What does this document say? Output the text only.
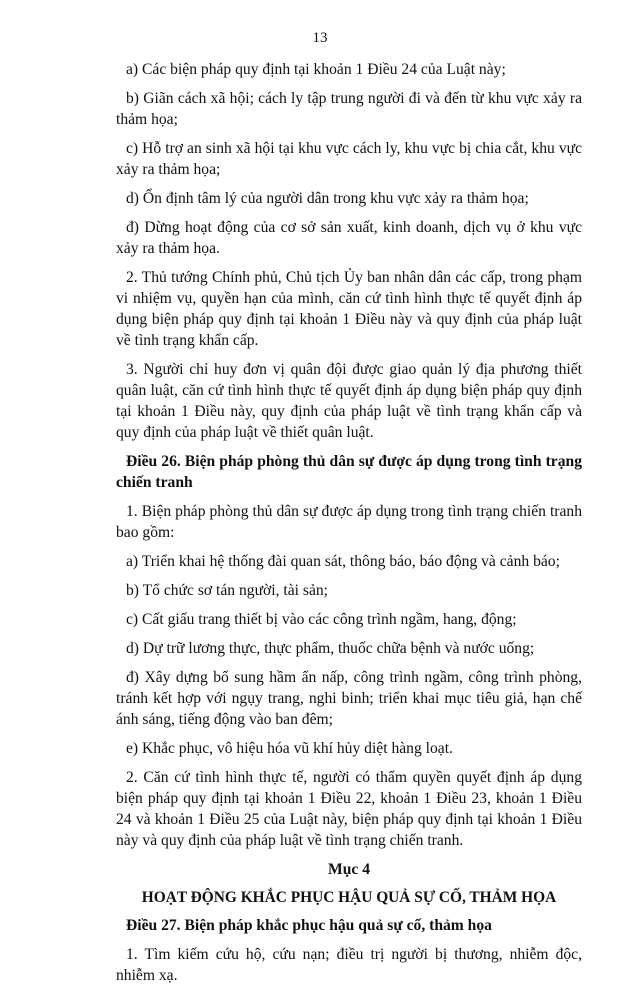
13

a) Các biện pháp quy định tại khoản 1 Điều 24 của Luật này;

b) Giãn cách xã hội; cách ly tập trung người đi và đến từ khu vực xảy ra thảm họa;

c) Hỗ trợ an sinh xã hội tại khu vực cách ly, khu vực bị chia cắt, khu vực xảy ra thảm họa;

d) Ổn định tâm lý của người dân trong khu vực xảy ra thảm họa;

đ) Dừng hoạt động của cơ sở sản xuất, kinh doanh, dịch vụ ở khu vực xảy ra thảm họa.

2. Thủ tướng Chính phủ, Chủ tịch Ủy ban nhân dân các cấp, trong phạm vi nhiệm vụ, quyền hạn của mình, căn cứ tình hình thực tế quyết định áp dụng biện pháp quy định tại khoản 1 Điều này và quy định của pháp luật về tình trạng khẩn cấp.

3. Người chỉ huy đơn vị quân đội được giao quản lý địa phương thiết quân luật, căn cứ tình hình thực tế quyết định áp dụng biện pháp quy định tại khoản 1 Điều này, quy định của pháp luật về tình trạng khẩn cấp và quy định của pháp luật về thiết quân luật.

Điều 26. Biện pháp phòng thủ dân sự được áp dụng trong tình trạng chiến tranh

1. Biện pháp phòng thủ dân sự được áp dụng trong tình trạng chiến tranh bao gồm:

a) Triển khai hệ thống đài quan sát, thông báo, báo động và cảnh báo;

b) Tổ chức sơ tán người, tài sản;

c) Cất giấu trang thiết bị vào các công trình ngầm, hang, động;

d) Dự trữ lương thực, thực phẩm, thuốc chữa bệnh và nước uống;

đ) Xây dựng bổ sung hầm ẩn nấp, công trình ngầm, công trình phòng, tránh kết hợp với ngụy trang, nghi binh; triển khai mục tiêu giả, hạn chế ánh sáng, tiếng động vào ban đêm;

e) Khắc phục, vô hiệu hóa vũ khí hủy diệt hàng loạt.

2. Căn cứ tình hình thực tế, người có thẩm quyền quyết định áp dụng biện pháp quy định tại khoản 1 Điều 22, khoản 1 Điều 23, khoản 1 Điều 24 và khoản 1 Điều 25 của Luật này, biện pháp quy định tại khoản 1 Điều này và quy định của pháp luật về tình trạng chiến tranh.

Mục 4

HOẠT ĐỘNG KHẮC PHỤC HẬU QUẢ SỰ CỐ, THẢM HỌA

Điều 27. Biện pháp khắc phục hậu quả sự cố, thảm họa

1. Tìm kiếm cứu hộ, cứu nạn; điều trị người bị thương, nhiễm độc, nhiễm xạ.
